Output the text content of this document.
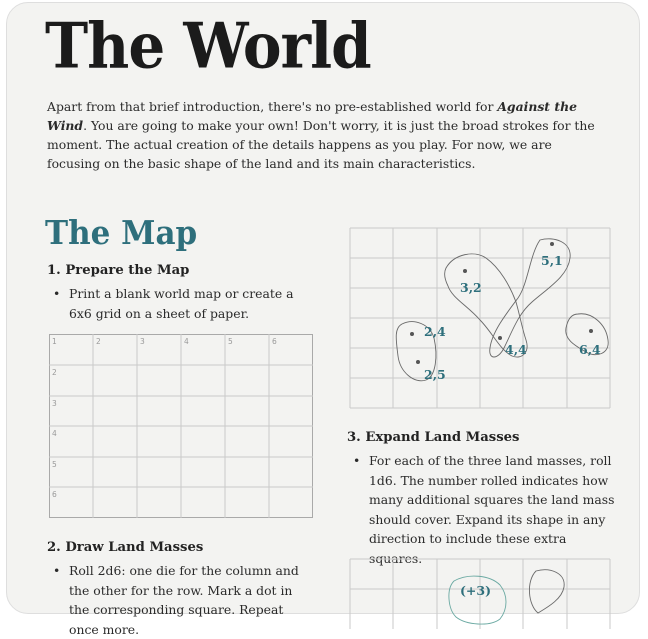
The World

Apart from that brief introduction, there's no pre-established world for Against the Wind. You are going to make your own! Don't worry, it is just the broad strokes for the moment. The actual creation of the details happens as you play. For now, we are focusing on the basic shape of the land and its main characteristics.

The Map
1. Prepare the Map

• Print a blank world map or create a 6x6 grid on a sheet of paper.

1	2	3	4	5	6
2
3
4
5
6
2. Draw Land Masses

• Roll 2d6: one die for the column and the other for the row. Mark a dot in the corresponding square. Repeat once more.

5,1
3,2
2,4
4,4	6,4
2,5
3. Expand Land Masses

• For each of the three land masses, roll 1d6. The number rolled indicates how many additional squares the land mass should cover. Expand its shape in any direction to include these extra squares.

(+3)
